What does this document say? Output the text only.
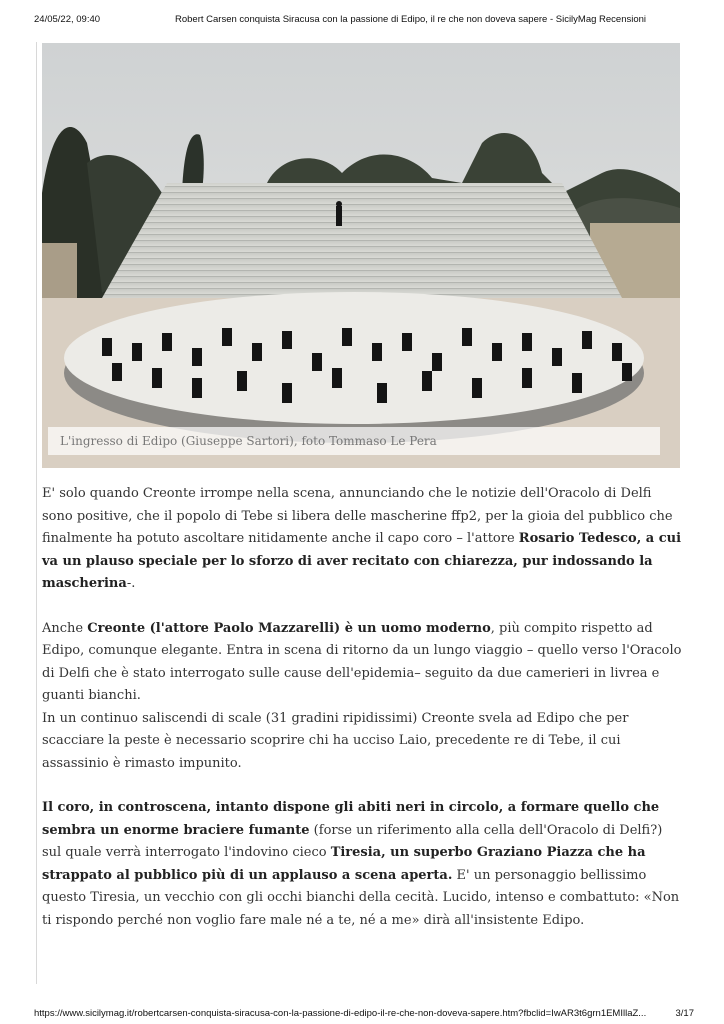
24/05/22, 09:40	Robert Carsen conquista Siracusa con la passione di Edipo, il re che non doveva sapere - SicilyMag Recensioni
L'ingresso di Edipo (Giuseppe Sartori), foto Tommaso Le Pera

E' solo quando Creonte irrompe nella scena, annunciando che le notizie dell'Oracolo di Delfi sono positive, che il popolo di Tebe si libera delle mascherine ffp2, per la gioia del pubblico che finalmente ha potuto ascoltare nitidamente anche il capo coro – l'attore Rosario Tedesco, a cui va un plauso speciale per lo sforzo di aver recitato con chiarezza, pur indossando la mascherina-.

Anche Creonte (l'attore Paolo Mazzarelli) è un uomo moderno, più compito rispetto ad Edipo, comunque elegante. Entra in scena di ritorno da un lungo viaggio – quello verso l'Oracolo di Delfi che è stato interrogato sulle cause dell'epidemia– seguito da due camerieri in livrea e guanti bianchi.
In un continuo saliscendi di scale (31 gradini ripidissimi) Creonte svela ad Edipo che per scacciare la peste è necessario scoprire chi ha ucciso Laio, precedente re di Tebe, il cui assassinio è rimasto impunito.

Il coro, in controscena, intanto dispone gli abiti neri in circolo, a formare quello che sembra un enorme braciere fumante (forse un riferimento alla cella dell'Oracolo di Delfi?) sul quale verrà interrogato l'indovino cieco Tiresia, un superbo Graziano Piazza che ha strappato al pubblico più di un applauso a scena aperta. E' un personaggio bellissimo questo Tiresia, un vecchio con gli occhi bianchi della cecità. Lucido, intenso e combattuto: «Non ti rispondo perché non voglio fare male né a te, né a me» dirà all'insistente Edipo.

https://www.sicilymag.it/robertcarsen-conquista-siracusa-con-la-passione-di-edipo-il-re-che-non-doveva-sapere.htm?fbclid=IwAR3t6grn1EMIllaZ...	3/17
